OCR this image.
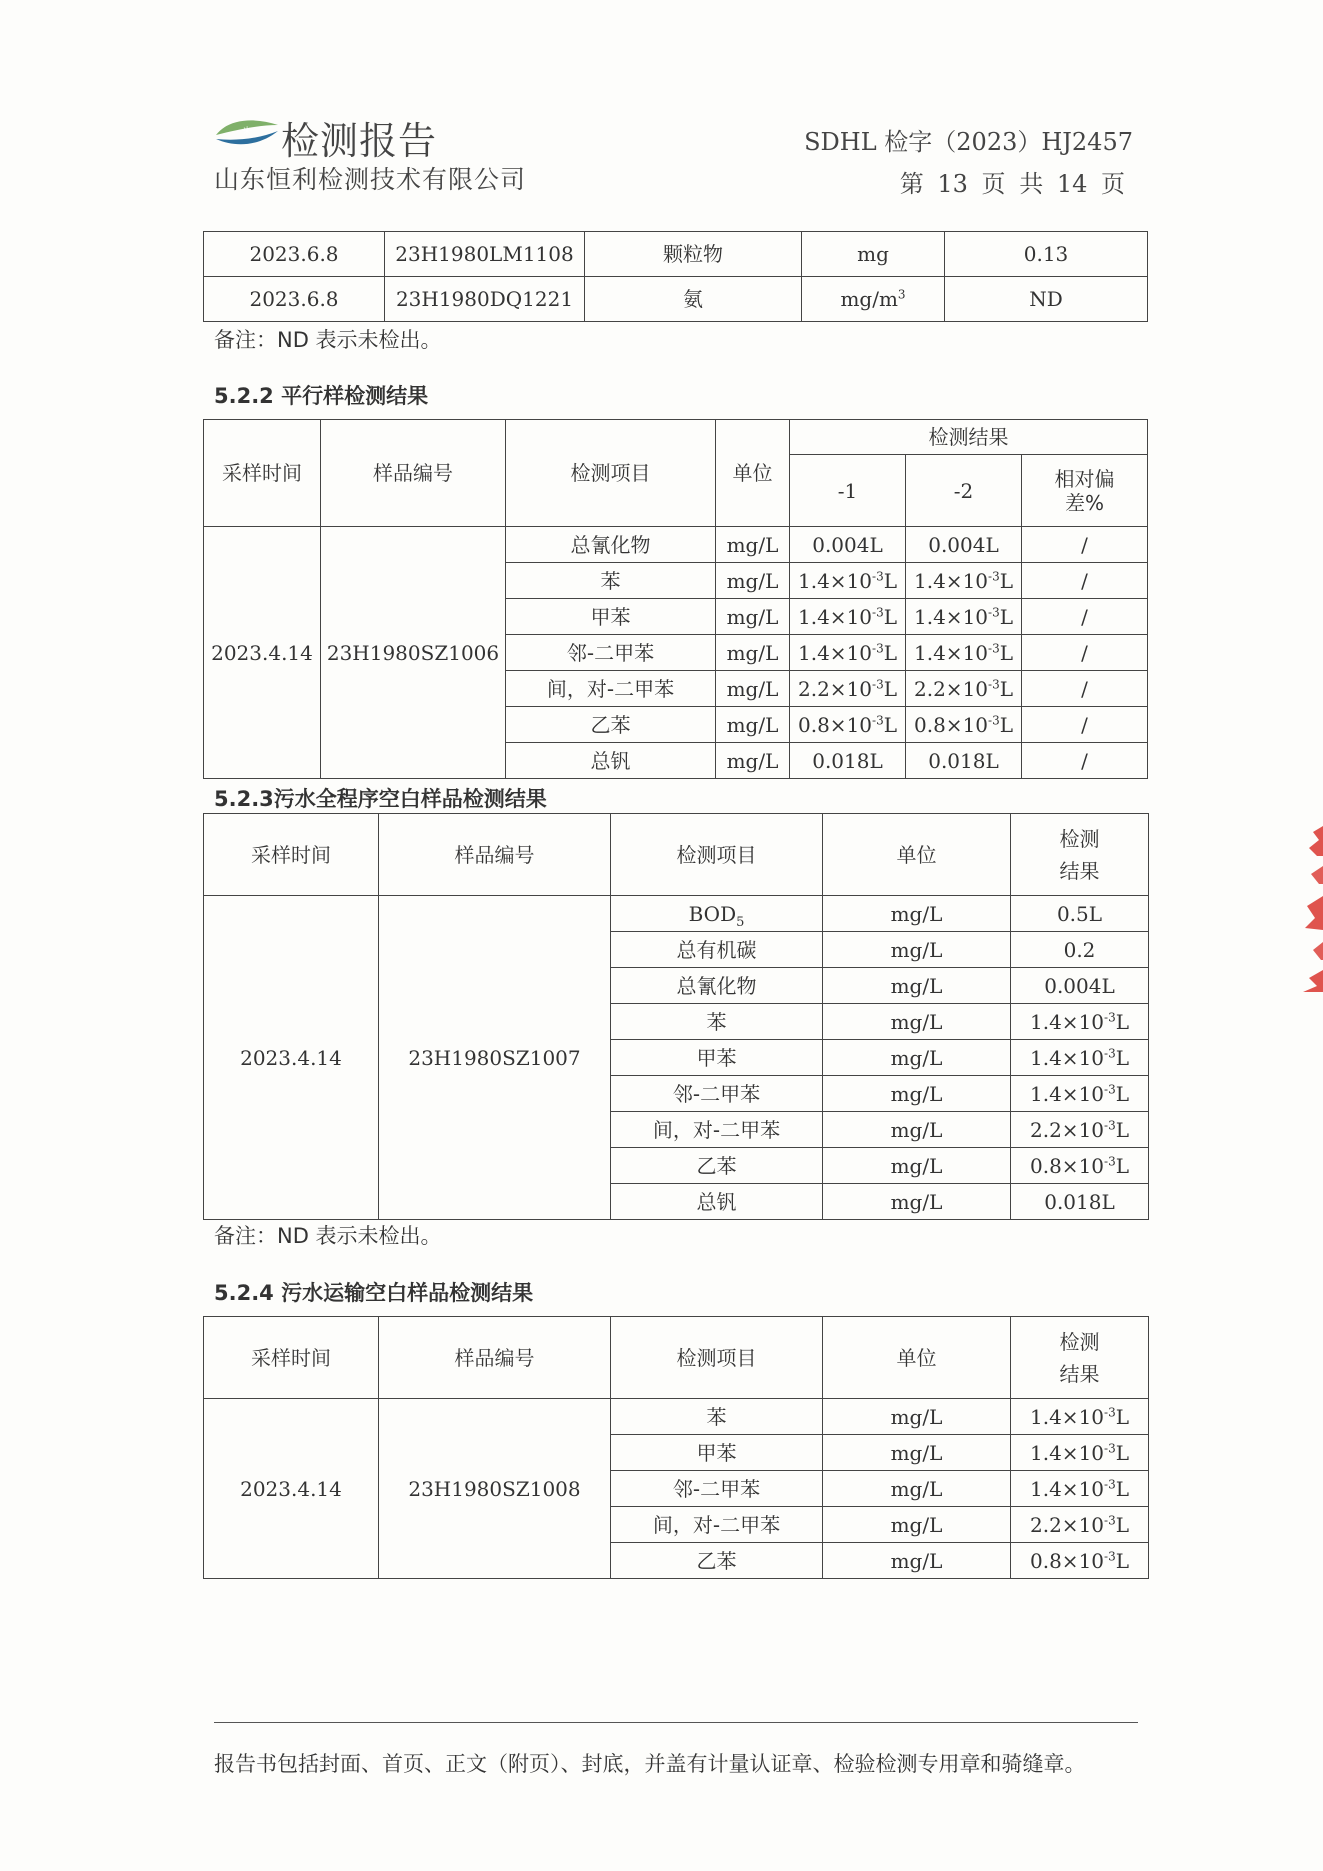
✳ 检测报告
山东恒利检测技术有限公司
SDHL 检字（2023）HJ2457
第 13 页 共 14 页
2023.6.8	23H1980LM1108	颗粒物	mg	0.13
2023.6.8	23H1980DQ1221	氨	$mg/m^3$	ND
备注：ND 表示未检出。
5.2.2 平行样检测结果
采样时间	样品编号	检测项目	单位	检测结果		
				-1	-2	相对偏
差%
2023.4.14	23H1980SZ1006	总氰化物	mg/L	0.004L	0.004L	/
		苯	mg/L	$1.4\times 10^{-3}L$	$1.4\times 10^{-3}L$	/
		甲苯	mg/L	$1.4\times 10^{-3}L$	$1.4\times 10^{-3}L$	/
		邻-二甲苯	mg/L	$1.4\times 10^{-3}L$	$1.4\times 10^{-3}L$	/
		间，对-二甲苯	mg/L	$2.2\times 10^{-3}L$	$2.2\times 10^{-3}L$	/
		乙苯	mg/L	$0.8\times 10^{-3}L$	$0.8\times 10^{-3}L$	/
		总钒	mg/L	0.018L	0.018L	/
5.2.3污水全程序空白样品检测结果
采样时间	样品编号	检测项目	单位	检测
结果
2023.4.14	23H1980SZ1007	$BOD_5$	mg/L	0.5L
		总有机碳	mg/L	0.2
		总氰化物	mg/L	0.004L
		苯	mg/L	$1.4\times 10^{-3}L$
		甲苯	mg/L	$1.4\times 10^{-3}L$
		邻-二甲苯	mg/L	$1.4\times 10^{-3}L$
		间，对-二甲苯	mg/L	$2.2\times 10^{-3}L$
		乙苯	mg/L	$0.8\times 10^{-3}L$
		总钒	mg/L	0.018L
备注：ND 表示未检出。
5.2.4 污水运输空白样品检测结果
采样时间	样品编号	检测项目	单位	检测
结果
2023.4.14	23H1980SZ1008	苯	mg/L	$1.4\times 10^{-3}L$
		甲苯	mg/L	$1.4\times 10^{-3}L$
		邻-二甲苯	mg/L	$1.4\times 10^{-3}L$
		间，对-二甲苯	mg/L	$2.2\times 10^{-3}L$
		乙苯	mg/L	$0.8\times 10^{-3}L$
报告书包括封面、首页、正文（附页）、封底，并盖有计量认证章、检验检测专用章和骑缝章。
